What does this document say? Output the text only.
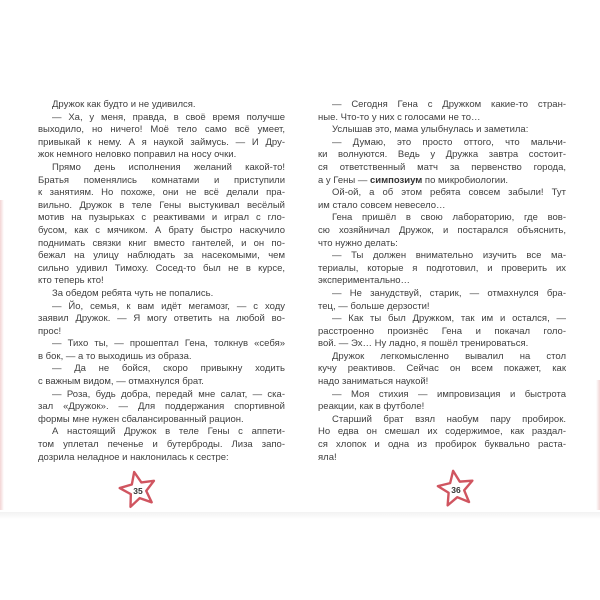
Дружок как будто и не удивился.
— Ха, у меня, правда, в своё время получше
выходило, но ничего! Моё тело само всё умеет,
привыкай к нему. А я наукой займусь. — И Дру-
жок немного неловко поправил на носу очки.
Прямо день исполнения желаний какой-то!
Братья поменялись комнатами и приступили
к занятиям. Но похоже, они не всё делали пра-
вильно. Дружок в теле Гены выстукивал весёлый
мотив на пузырьках с реактивами и играл с гло-
бусом, как с мячиком. А брату быстро наскучило
поднимать связки книг вместо гантелей, и он по-
бежал на улицу наблюдать за насекомыми, чем
сильно удивил Тимоху. Сосед-то был не в курсе,
кто теперь кто!
За обедом ребята чуть не попались.
— Йо, семья, к вам идёт мегамозг, — с ходу
заявил Дружок. — Я могу ответить на любой во-
прос!
— Тихо ты, — прошептал Гена, толкнув «себя»
в бок, — а то выходишь из образа.
— Да не бойся, скоро привыкну ходить
с важным видом, — отмахнулся брат.
— Роза, будь добра, передай мне салат, — ска-
зал «Дружок». — Для поддержания спортивной
формы мне нужен сбалансированный рацион.
А настоящий Дружок в теле Гены с аппети-
том уплетал печенье и бутерброды. Лиза запо-
дозрила неладное и наклонилась к сестре:
— Сегодня Гена с Дружком какие-то стран-
ные. Что-то у них с голосами не то…
Услышав это, мама улыбнулась и заметила:
— Думаю, это просто оттого, что мальчи-
ки волнуются. Ведь у Дружка завтра состоит-
ся ответственный матч за первенство города,
а у Гены — симпозиум по микробиологии.
Ой-ой, а об этом ребята совсем забыли! Тут
им стало совсем невесело…
Гена пришёл в свою лабораторию, где вов-
сю хозяйничал Дружок, и постарался объяснить,
что нужно делать:
— Ты должен внимательно изучить все ма-
териалы, которые я подготовил, и проверить их
экспериментально…
— Не занудствуй, старик, — отмахнулся бра-
тец, — больше дерзости!
— Как ты был Дружком, так им и остался, —
расстроенно произнёс Гена и покачал голо-
вой. — Эх… Ну ладно, я пошёл тренироваться.
Дружок легкомысленно вывалил на стол
кучу реактивов. Сейчас он всем покажет, как
надо заниматься наукой!
— Моя стихия — импровизация и быстрота
реакции, как в футболе!
Старший брат взял наобум пару пробирок.
Но едва он смешал их содержимое, как раздал-
ся хлопок и одна из пробирок буквально раста-
яла!
35	36
